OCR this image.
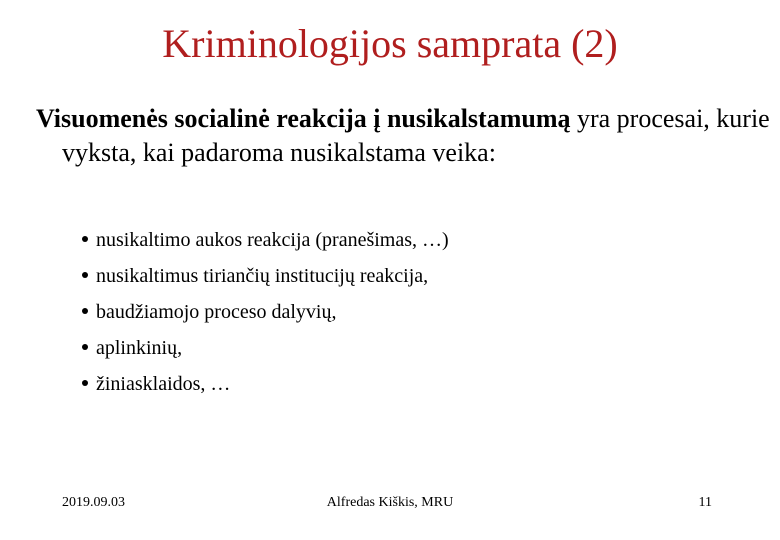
Kriminologijos samprata (2)
Visuomenės socialinė reakcija į nusikalstamumą yra procesai, kurie vyksta, kai padaroma nusikalstama veika:
nusikaltimo aukos reakcija (pranešimas, …)
nusikaltimus tiriančių institucijų reakcija,
baudžiamojo proceso dalyvių,
aplinkinių,
žiniasklaidos, …
2019.09.03	Alfredas Kiškis, MRU	11
